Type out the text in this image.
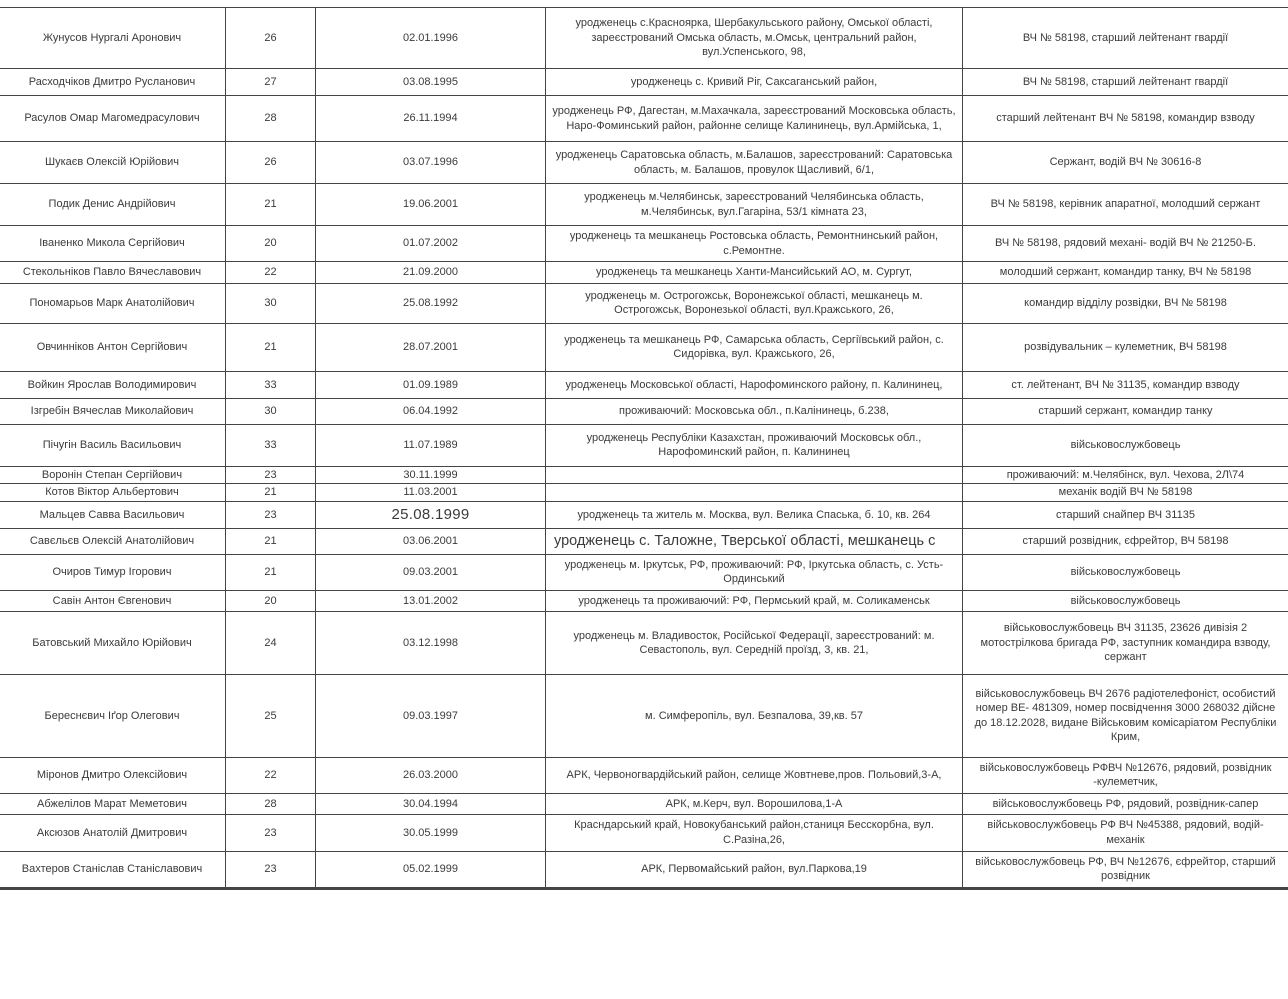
Жунусов Нургалі Аронович	26	02.01.1996	уродженець с.Красноярка, Шербакульського району, Омської області, зареєстрований Омська область, м.Омськ, центральний район, вул.Успенського, 98,	ВЧ № 58198, старший лейтенант гвардії
Расходчіков Дмитро Русланович	27	03.08.1995	уродженець с. Кривий Ріг, Саксаганський район,	ВЧ № 58198, старший лейтенант гвардії
Расулов Омар Магомедрасулович	28	26.11.1994	уродженець РФ, Дагестан, м.Махачкала, зареєстрований Московська область, Наро-Фоминський район, районне селище Калининець, вул.Армійська, 1,	старший лейтенант ВЧ № 58198, командир взводу
Шукаєв Олексій Юрійович	26	03.07.1996	уродженець Саратовська область, м.Балашов, зареєстрований: Саратовська область, м. Балашов, провулок Щасливий, 6/1,	Сержант, водій ВЧ № 30616-8
Подик Денис Андрійович	21	19.06.2001	уродженець м.Челябинськ, зареєстрований Челябинська область, м.Челябинськ, вул.Гагаріна, 53/1 кімната 23,	ВЧ № 58198, керівник апаратної, молодший сержант
Іваненко Микола Сергійович	20	01.07.2002	уродженець та мешканець Ростовська область, Ремонтнинський район, с.Ремонтне.	ВЧ № 58198, рядовий механі- водій ВЧ № 21250-Б.
Стекольніков Павло Вячеславович	22	21.09.2000	уродженець та мешканець Ханти-Мансийський АО, м. Сургут,	молодший сержант, командир танку, ВЧ № 58198
Пономарьов Марк Анатолійович	30	25.08.1992	уродженець м. Острогожськ, Воронежської області, мешканець м. Острогожськ, Воронезької області, вул.Кражського, 26,	командир відділу розвідки, ВЧ № 58198
Овчинніков Антон Сергійович	21	28.07.2001	уродженець та мешканець РФ, Самарська область, Сергіївський район, с. Сидорівка, вул. Кражського, 26,	розвідувальник – кулеметник, ВЧ 58198
Войкин Ярослав Володимирович	33	01.09.1989	уродженець Московської області, Нарофоминского району, п. Калининец,	ст. лейтенант, ВЧ № 31135, командир взводу
Ізгребін Вячеслав Миколайович	30	06.04.1992	проживаючий: Московська обл., п.Калінинець, б.238,	старший сержант, командир танку
Пічугін Василь Васильович	33	11.07.1989	уродженець Республіки Казахстан, проживаючий Московськ обл., Нарофоминский район, п. Калининец	військовослужбовець
Воронін Степан Сергійович	23	30.11.1999		проживаючий: м.Челябінск, вул. Чехова, 2Л\74
Котов Віктор Альбертович	21	11.03.2001		механік водій ВЧ № 58198
Мальцев Савва Васильович	23	25.08.1999	уродженець та житель м. Москва, вул. Велика Спаська, б. 10, кв. 264	старший снайпер ВЧ 31135
Савєльєв Олексій Анатолійович	21	03.06.2001	уродженець с. Таложне, Тверської області, мешканець с	старший розвідник, єфрейтор, ВЧ 58198
Очиров Тимур Ігорович	21	09.03.2001	уродженець м. Іркутськ, РФ, проживаючий: РФ, Іркутська область, с. Усть-Ординський	військовослужбовець
Савін Антон Євгенович	20	13.01.2002	уродженець та проживаючий: РФ, Пермський край, м. Соликаменськ	військовослужбовець
Батовський Михайло Юрійович	24	03.12.1998	уродженець м. Владивосток, Російської Федерації, зареєстрований: м. Севастополь, вул. Середній проїзд, 3, кв. 21,	військовослужбовець ВЧ 31135, 23626 дивізія 2 мотострілкова бригада РФ, заступник командира взводу, сержант
Береснєвич Іґор Олегович	25	09.03.1997	м. Симферопіль, вул. Безпалова, 39,кв. 57	військовослужбовець ВЧ 2676 радіотелефоніст, особистий номер ВЕ- 481309, номер посвідчення 3000 268032 дійсне до 18.12.2028, видане Військовим комісаріатом Республіки Крим,
Міронов Дмитро Олексійович	22	26.03.2000	АРК, Червоногвардійський район, селище Жовтневе,пров. Польовий,3-А,	військовослужбовець РФВЧ №12676, рядовий, розвідник -кулеметчик,
Абжелілов Марат Меметович	28	30.04.1994	АРК, м.Керч, вул. Ворошилова,1-А	військовослужбовець РФ, рядовий, розвідник-сапер
Аксюзов Анатолій Дмитрович	23	30.05.1999	Красндарський край, Новокубанський район,станиця Бесскорбна, вул. С.Разіна,26,	військовослужбовець РФ ВЧ №45388, рядовий, водій-механік
Вахтеров Станіслав Станіславович	23	05.02.1999	АРК, Первомайський район, вул.Паркова,19	військовослужбовець РФ, ВЧ №12676, єфрейтор, старший розвідник
